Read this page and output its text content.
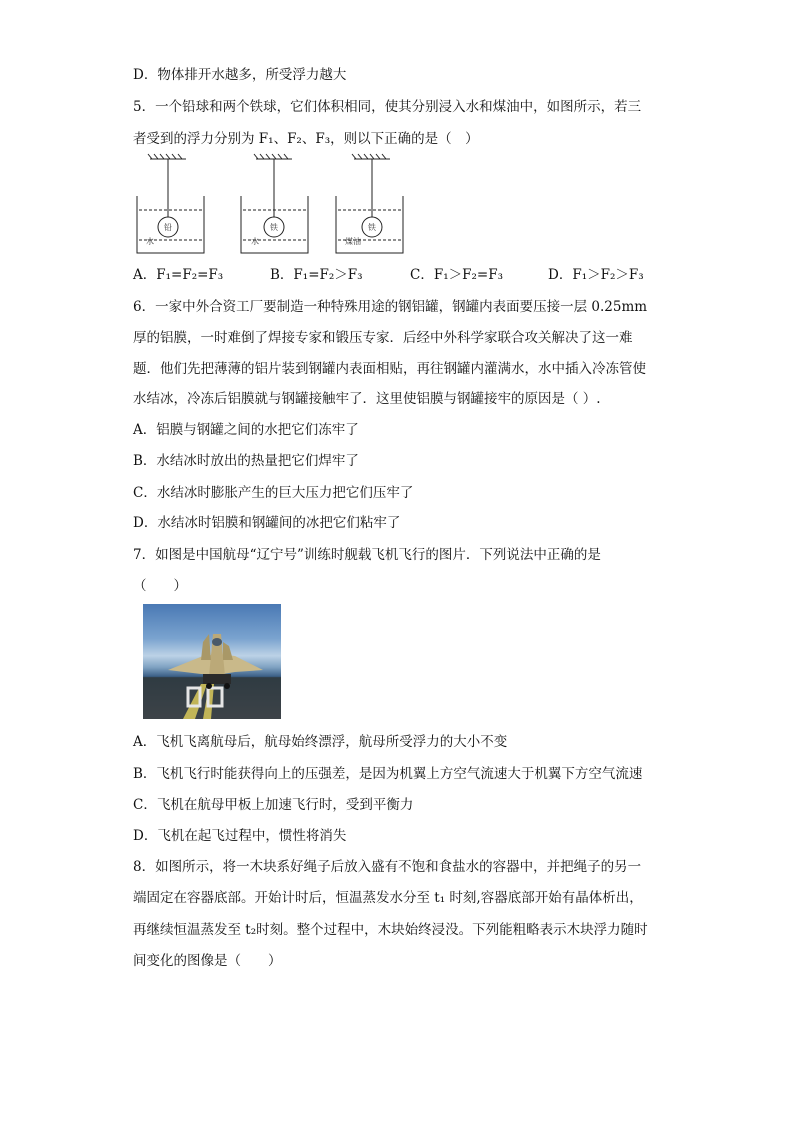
D．物体排开水越多，所受浮力越大
5．一个铅球和两个铁球，它们体积相同，使其分别浸入水和煤油中，如图所示，若三
者受到的浮力分别为 F₁、F₂、F₃，则以下正确的是（　）
铅
水
铁
水
铁
煤油
A．F₁=F₂=F₃	B．F₁=F₂＞F₃	C．F₁＞F₂=F₃	D．F₁＞F₂＞F₃
6．一家中外合资工厂要制造一种特殊用途的钢铝罐，钢罐内表面要压接一层 0.25mm
厚的铝膜，一时难倒了焊接专家和锻压专家．后经中外科学家联合攻关解决了这一难
题．他们先把薄薄的铝片装到钢罐内表面相贴，再往钢罐内灌满水，水中插入冷冻管使
水结冰，冷冻后铝膜就与钢罐接触牢了．这里使铝膜与钢罐接牢的原因是（ ）.
A．铝膜与钢罐之间的水把它们冻牢了
B．水结冰时放出的热量把它们焊牢了
C．水结冰时膨胀产生的巨大压力把它们压牢了
D．水结冰时铝膜和钢罐间的冰把它们粘牢了
7．如图是中国航母“辽宁号”训练时舰载飞机飞行的图片．下列说法中正确的是
（　　）
A．飞机飞离航母后，航母始终漂浮，航母所受浮力的大小不变
B．飞机飞行时能获得向上的压强差，是因为机翼上方空气流速大于机翼下方空气流速
C．飞机在航母甲板上加速飞行时，受到平衡力
D．飞机在起飞过程中，惯性将消失
8．如图所示，将一木块系好绳子后放入盛有不饱和食盐水的容器中，并把绳子的另一
端固定在容器底部。开始计时后，恒温蒸发水分至 t₁ 时刻,容器底部开始有晶体析出，
再继续恒温蒸发至 t₂时刻。整个过程中，木块始终浸没。下列能粗略表示木块浮力随时
间变化的图像是（　　）
